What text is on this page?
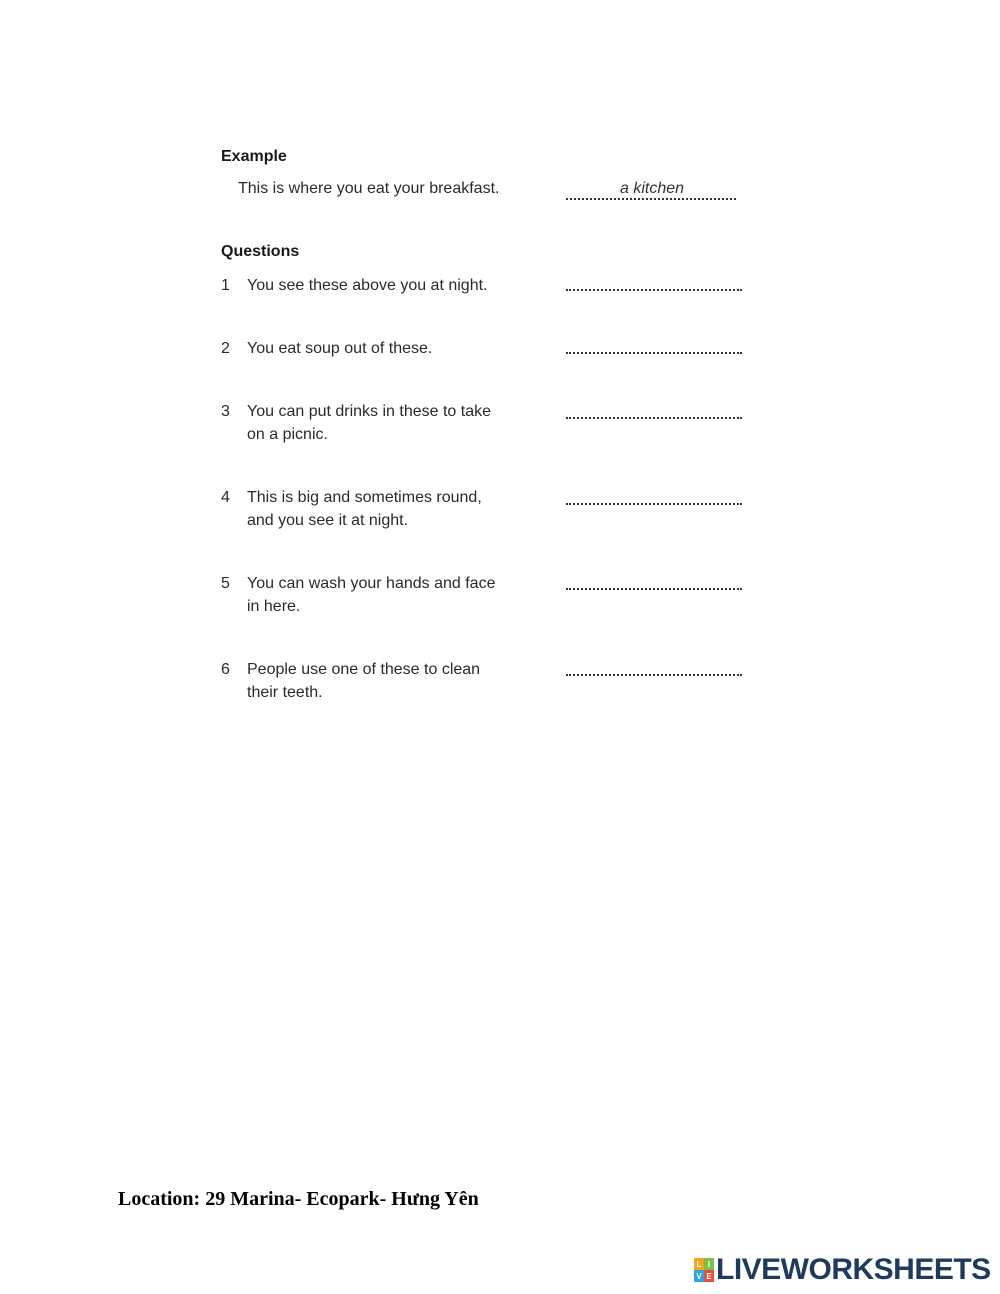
Example
This is where you eat your breakfast.	a kitchen
Questions
1	You see these above you at night.
2	You eat soup out of these.
3	You can put drinks in these to take
on a picnic.
4	This is big and sometimes round,
and you see it at night.
5	You can wash your hands and face
in here.
6	People use one of these to clean
their teeth.
Location: 29 Marina- Ecopark- Hưng Yên
L I
V E LIVEWORKSHEETS
